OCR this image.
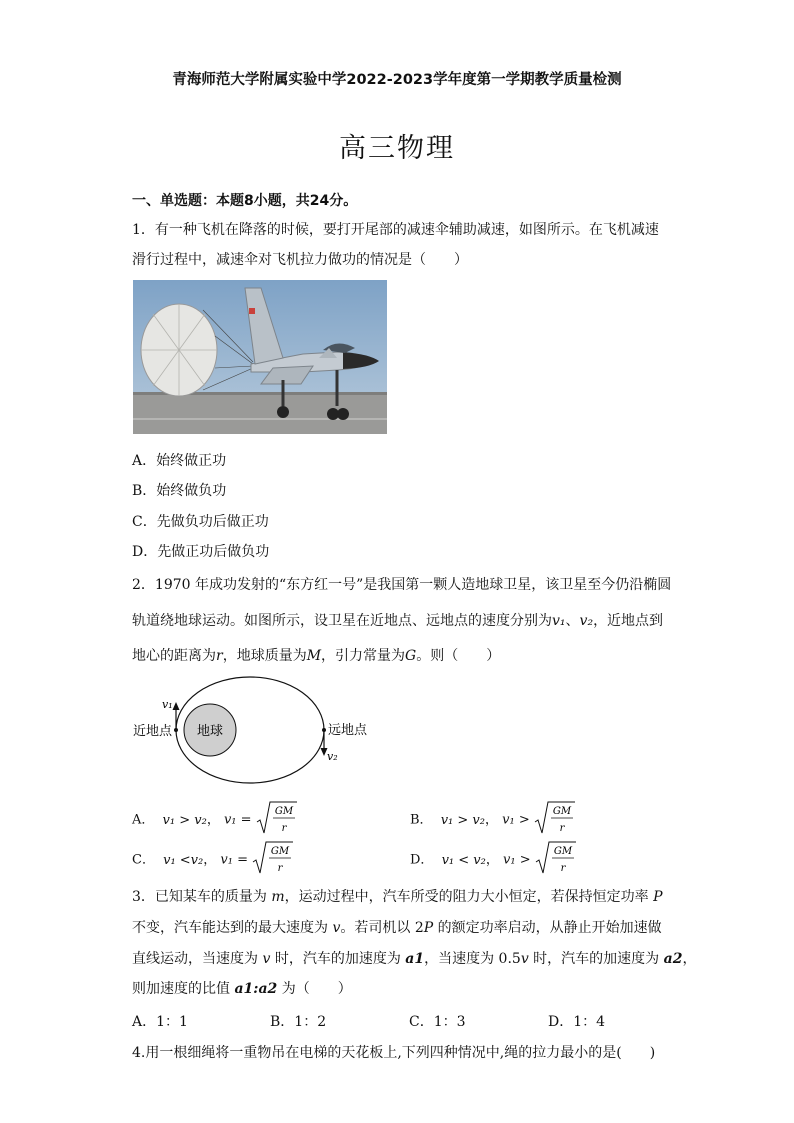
青海师范大学附属实验中学2022-2023学年度第一学期教学质量检测
高三物理
一、单选题：本题8小题，共24分。
1．有一种飞机在降落的时候，要打开尾部的减速伞辅助减速，如图所示。在飞机减速
滑行过程中，减速伞对飞机拉力做功的情况是（　　）
A．始终做正功
B．始终做负功
C．先做负功后做正功
D．先做正功后做负功
2．1970 年成功发射的“东方红一号”是我国第一颗人造地球卫星，该卫星至今仍沿椭圆
轨道绕地球运动。如图所示，设卫星在近地点、远地点的速度分别为v₁、v₂，近地点到
地心的距离为r，地球质量为M，引力常量为G。则（　　）
地球
v₁
v₂
近地点	远地点
A． v₁ > v₂， v₁ =
GM
r
B． v₁ > v₂， v₁ >
GM
r
C． v₁ <v₂， v₁ =
GM
r
D． v₁ < v₂， v₁ >
GM
r
3．已知某车的质量为 m，运动过程中，汽车所受的阻力大小恒定，若保持恒定功率 P
不变，汽车能达到的最大速度为 v。若司机以 2P 的额定功率启动，从静止开始加速做
直线运动，当速度为 v 时，汽车的加速度为 a1，当速度为 0.5v 时，汽车的加速度为 a2，
则加速度的比值 a1:a2 为（　　）
A．1：1	B．1：2	C．1：3	D．1：4
4.用一根细绳将一重物吊在电梯的天花板上,下列四种情况中,绳的拉力最小的是(　　)
